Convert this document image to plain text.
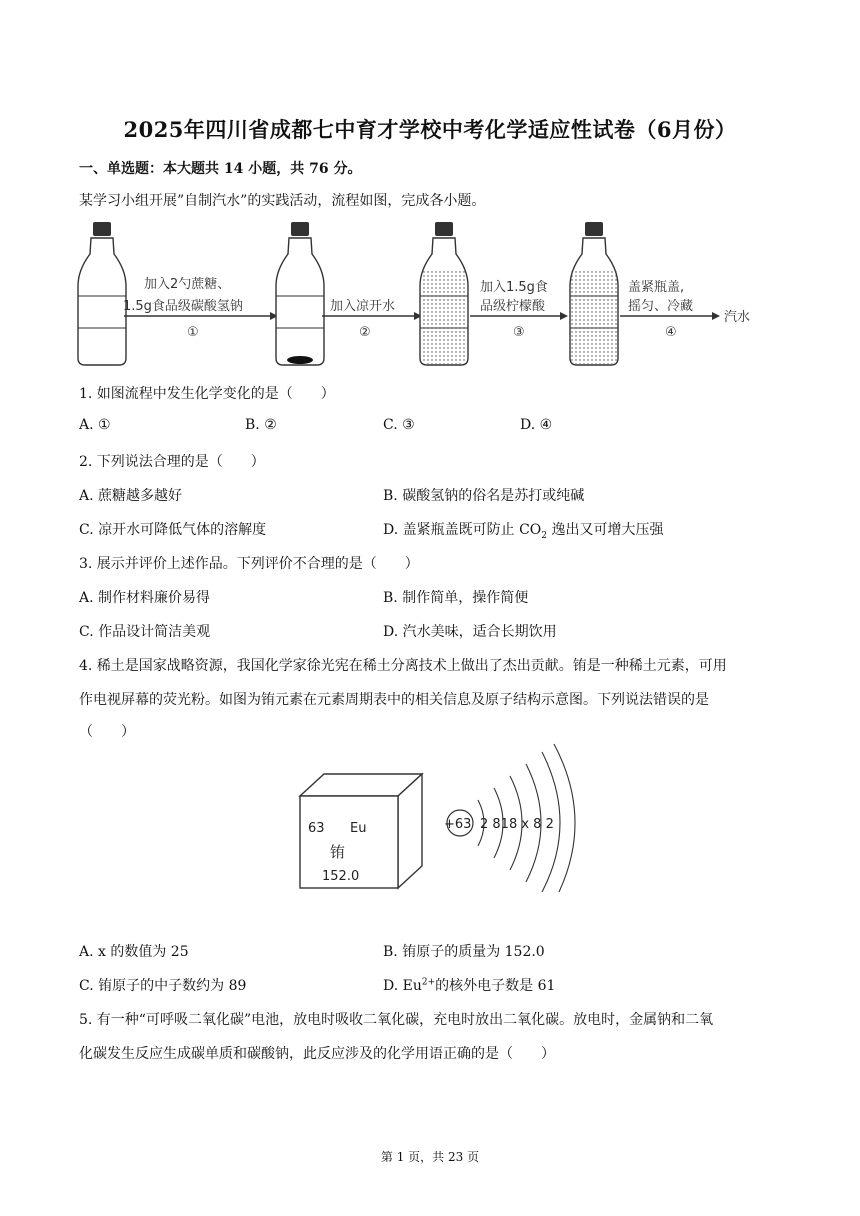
2025年四川省成都七中育才学校中考化学适应性试卷（6月份）
一、单选题：本大题共 14 小题，共 76 分。
某学习小组开展”自制汽水”的实践活动，流程如图，完成各小题。
加入2勺蔗糖、
1.5g食品级碳酸氢钠
①
加入凉开水
②
加入1.5g食
品级柠檬酸
③
盖紧瓶盖,
摇匀、冷藏
④
汽水
1. 如图流程中发生化学变化的是（　　）
A. ①	B. ②	C. ③	D. ④
2. 下列说法合理的是（　　）
A. 蔗糖越多越好	B. 碳酸氢钠的俗名是苏打或纯碱
C. 凉开水可降低气体的溶解度	D. 盖紧瓶盖既可防止 $CO_2$ 逸出又可增大压强
3. 展示并评价上述作品。下列评价不合理的是（　　）
A. 制作材料廉价易得	B. 制作简单，操作简便
C. 作品设计简洁美观	D. 汽水美味，适合长期饮用
4. 稀土是国家战略资源，我国化学家徐光宪在稀土分离技术上做出了杰出贡献。铕是一种稀土元素，可用
作电视屏幕的荧光粉。如图为铕元素在元素周期表中的相关信息及原子结构示意图。下列说法错误的是
（　　）
63 Eu
铕
152.0
+63 2 818 x 8 2
A. x 的数值为 25	B. 铕原子的质量为 152.0
C. 铕原子的中子数约为 89	D. $Eu^{2+}$的核外电子数是 61
5. 有一种“可呼吸二氧化碳”电池，放电时吸收二氧化碳，充电时放出二氧化碳。放电时，金属钠和二氧
化碳发生反应生成碳单质和碳酸钠，此反应涉及的化学用语正确的是（　　）
第 1 页，共 23 页
